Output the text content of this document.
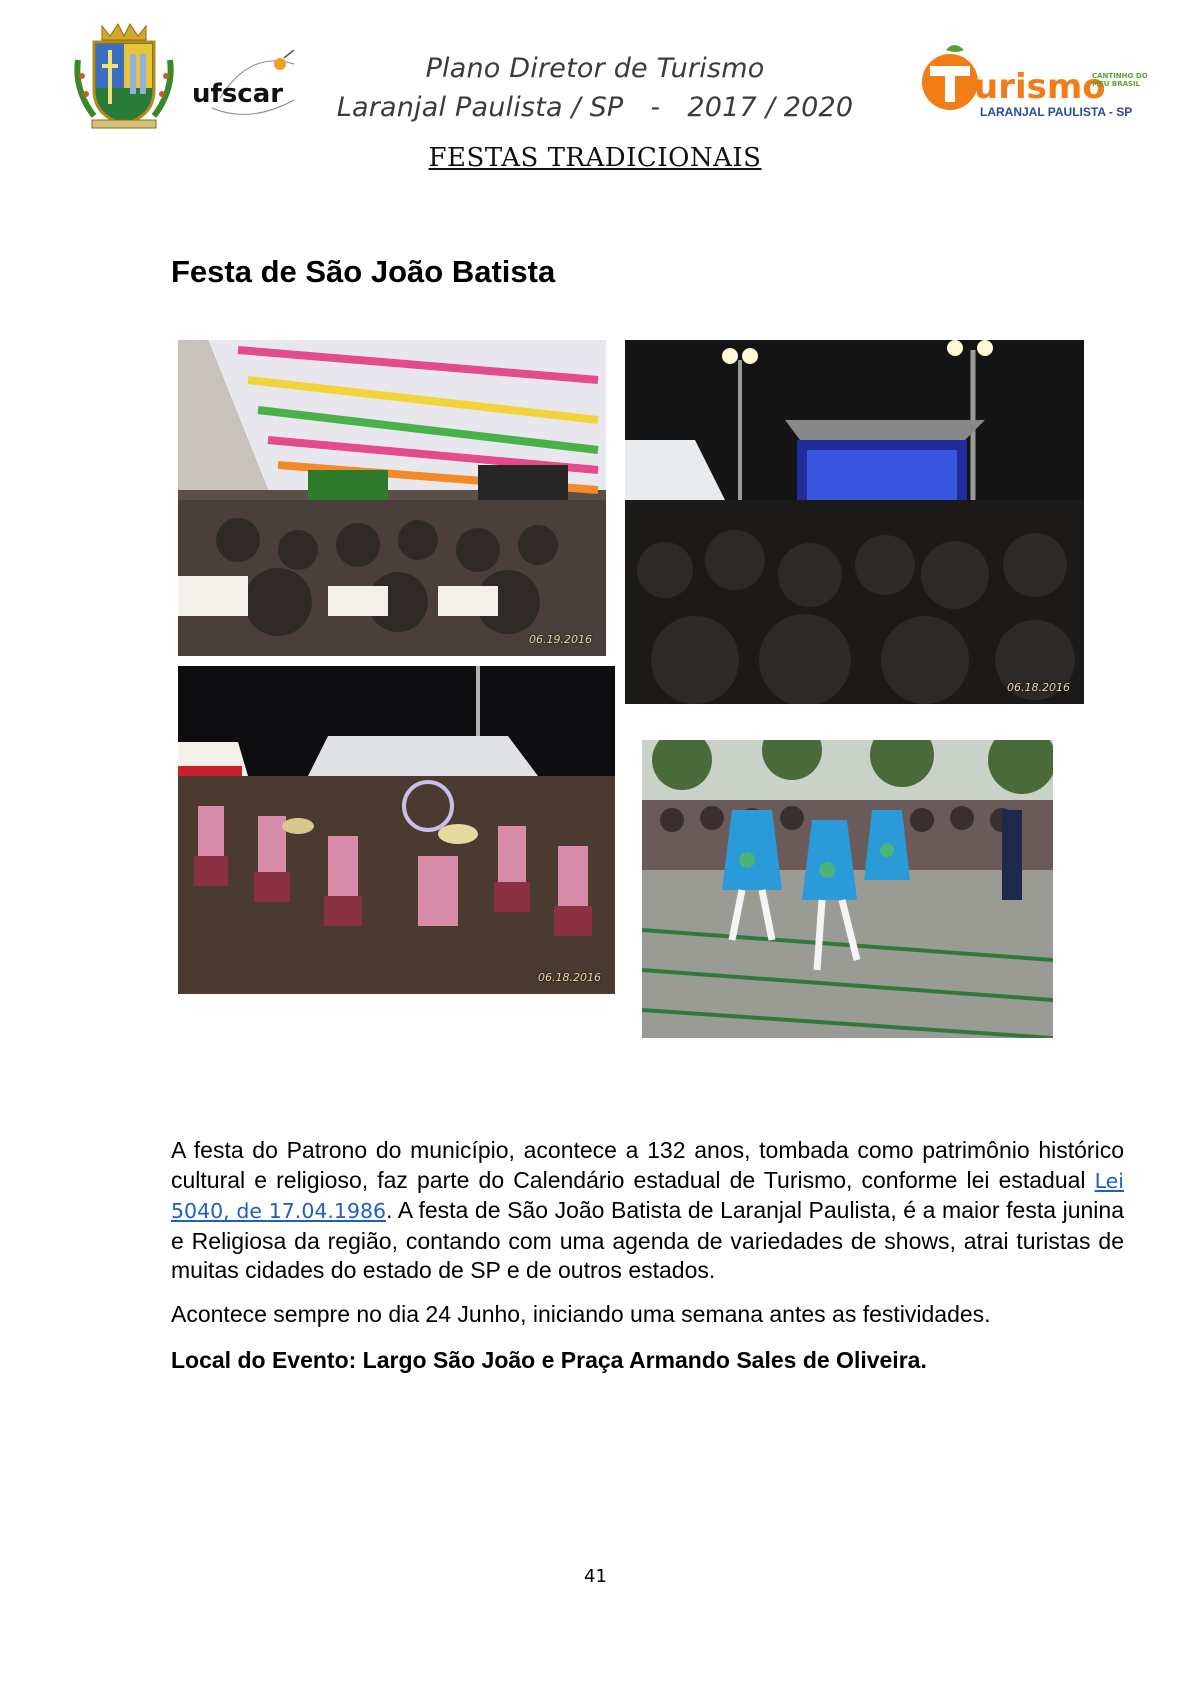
ufscar
Plano Diretor de Turismo
Laranjal Paulista / SP - 2017 / 2020
urismo
CANTINHO DO MEU BRASIL
LARANJAL PAULISTA - SP
FESTAS TRADICIONAIS
Festa de São João Batista
06.19.2016
06.18.2016
06.18.2016
A festa do Patrono do município, acontece a 132 anos, tombada como patrimônio histórico cultural e religioso, faz parte do Calendário estadual de Turismo, conforme lei estadual Lei 5040, de 17.04.1986. A festa de São João Batista de Laranjal Paulista, é a maior festa junina e Religiosa da região, contando com uma agenda de variedades de shows, atrai turistas de muitas cidades do estado de SP e de outros estados.
Acontece sempre no dia 24 Junho, iniciando uma semana antes as festividades.
Local do Evento: Largo São João e Praça Armando Sales de Oliveira.
41
